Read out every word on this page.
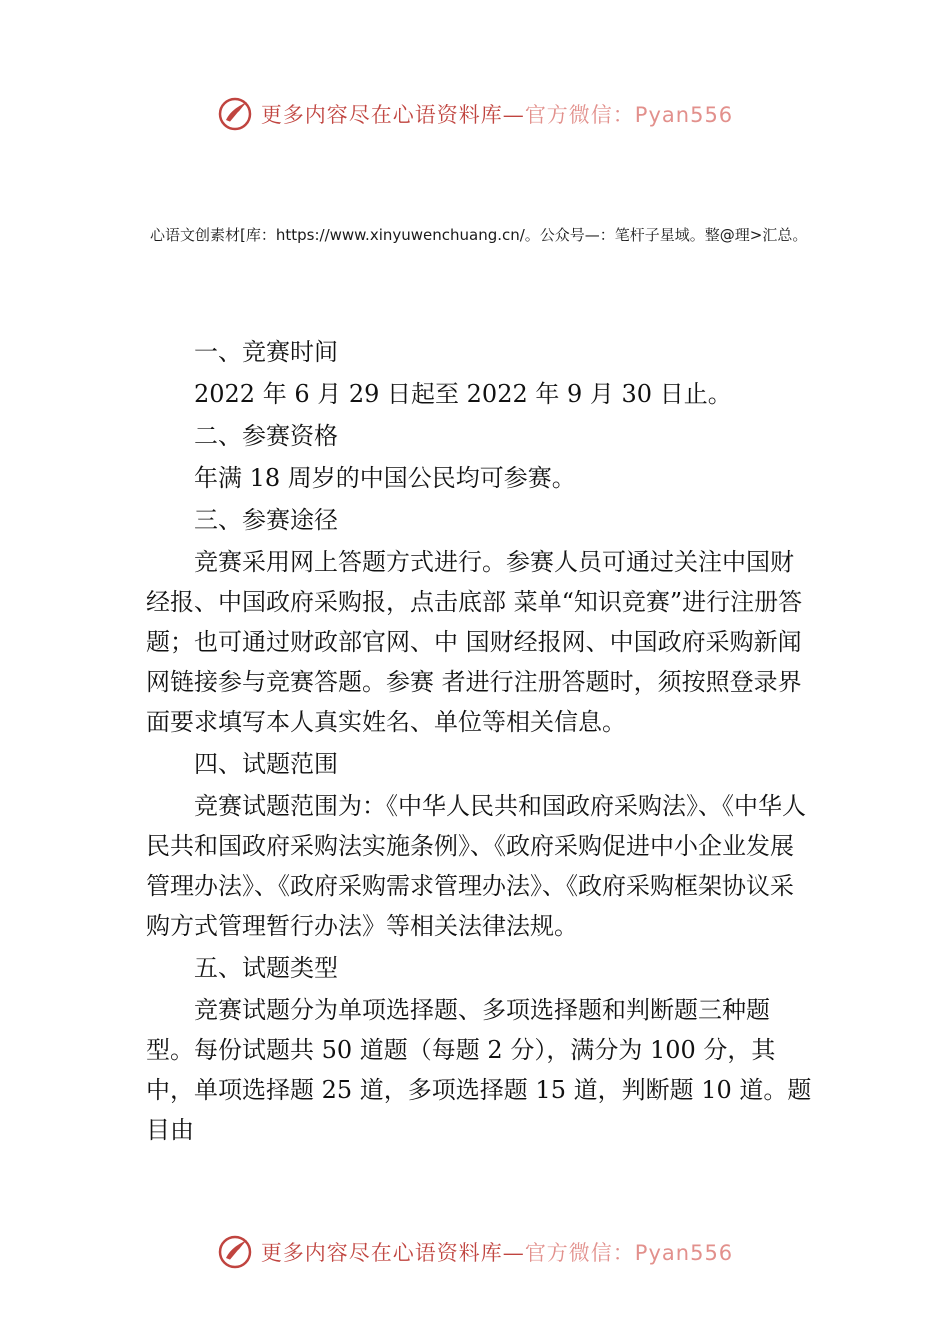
更多内容尽在心语资料库—官方微信：Pyan556
心语文创素材[库：https://www.xinyuwenchuang.cn/。公众号—：笔杆子星域。整@理>汇总。

一、竞赛时间

2022 年 6 月 29 日起至 2022 年 9 月 30 日止。

二、参赛资格

年满 18 周岁的中国公民均可参赛。

三、参赛途径

竞赛采用网上答题方式进行。参赛人员可通过关注中国财经报、中国政府采购报，点击底部 菜单“知识竞赛”进行注册答题；也可通过财政部官网、中 国财经报网、中国政府采购新闻网链接参与竞赛答题。参赛 者进行注册答题时，须按照登录界面要求填写本人真实姓名、单位等相关信息。

四、试题范围

竞赛试题范围为：《中华人民共和国政府采购法》、《中华人民共和国政府采购法实施条例》、《政府采购促进中小企业发展管理办法》、《政府采购需求管理办法》、《政府采购框架协议采购方式管理暂行办法》等相关法律法规。

五、试题类型

竞赛试题分为单项选择题、多项选择题和判断题三种题型。每份试题共 50 道题（每题 2 分），满分为 100 分，其中，单项选择题 25 道，多项选择题 15 道，判断题 10 道。题目由

更多内容尽在心语资料库—官方微信：Pyan556
